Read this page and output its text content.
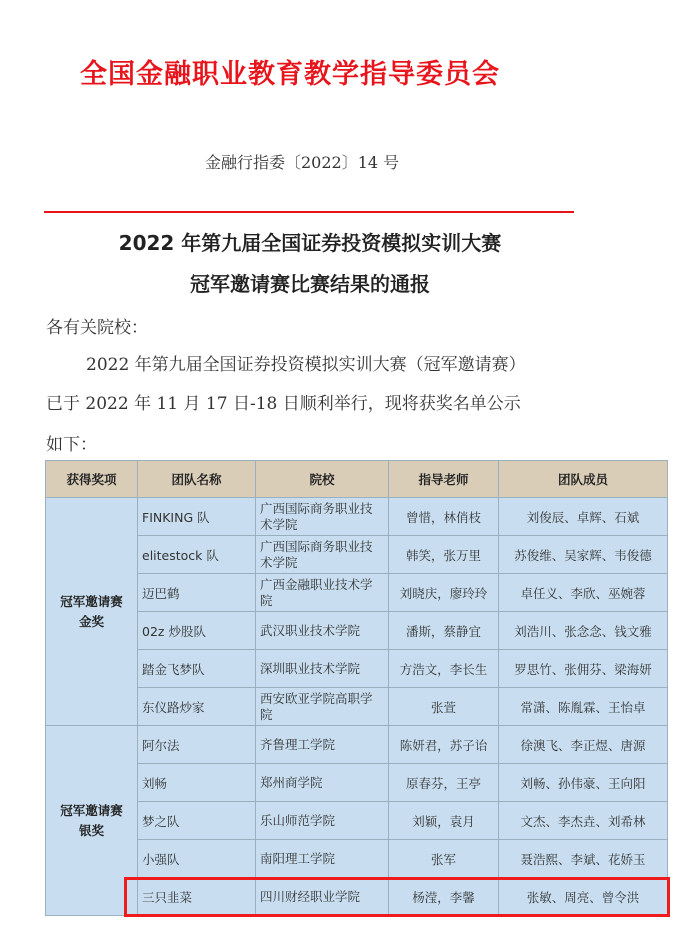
全国金融职业教育教学指导委员会
金融行指委〔2022〕14 号
2022 年第九届全国证券投资模拟实训大赛
冠军邀请赛比赛结果的通报
各有关院校：
2022 年第九届全国证券投资模拟实训大赛（冠军邀请赛）
已于 2022 年 11 月 17 日-18 日顺利举行，现将获奖名单公示
如下：
获得奖项	团队名称	院校	指导老师	团队成员
冠军邀请赛
金奖	FINKING 队	广西国际商务职业技术学院	曾惜，林俏枝	刘俊辰、卓辉、石斌
	elitestock 队	广西国际商务职业技术学院	韩笑，张万里	苏俊维、吴家辉、韦俊德
	迈巴鹤	广西金融职业技术学院	刘晓庆，廖玲玲	卓任义、李欣、巫婉蓉
	02z 炒股队	武汉职业技术学院	潘斯，蔡静宜	刘浩川、张念念、钱文雅
	踏金飞梦队	深圳职业技术学院	方浩文，李长生	罗思竹、张佣芬、梁海妍
	东仪路炒家	西安欧亚学院高职学院	张萱	常潇、陈胤霖、王怡卓
冠军邀请赛
银奖	阿尔法	齐鲁理工学院	陈妍君，苏子诒	徐澳飞、李正煜、唐源
	刘畅	郑州商学院	原春芬，王亭	刘畅、孙伟豪、王向阳
	梦之队	乐山师范学院	刘颖，袁月	文杰、李杰垚、刘希林
	小强队	南阳理工学院	张军	聂浩熙、李斌、花娇玉
	三只韭菜	四川财经职业学院	杨滢，李馨	张敏、周亮、曾令洪
